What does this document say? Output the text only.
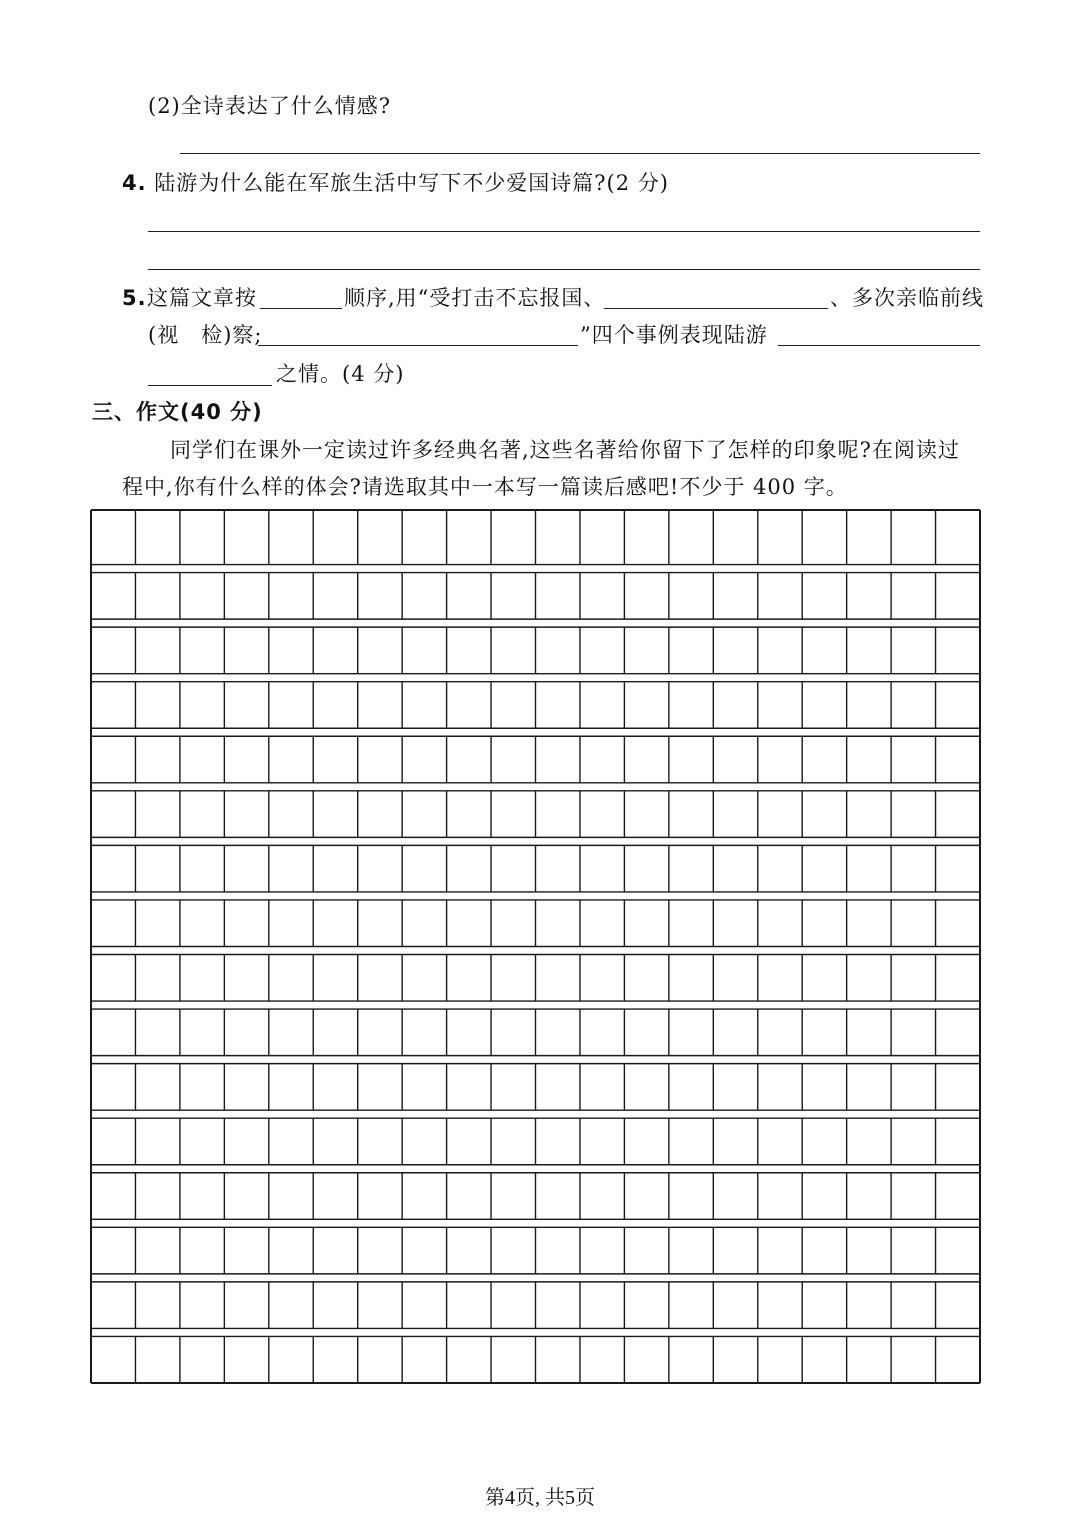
(2)全诗表达了什么情感?
4. 陆游为什么能在军旅生活中写下不少爱国诗篇?(2 分)
5. 这篇文章按	顺序,用“受打击不忘报国、	、多次亲临前线
(视　检)察;	”四个事例表现陆游
之情。(4 分)
三、作文(40 分)
同学们在课外一定读过许多经典名著,这些名著给你留下了怎样的印象呢?在阅读过
程中,你有什么样的体会?请选取其中一本写一篇读后感吧!不少于 400 字。
第4页, 共5页
